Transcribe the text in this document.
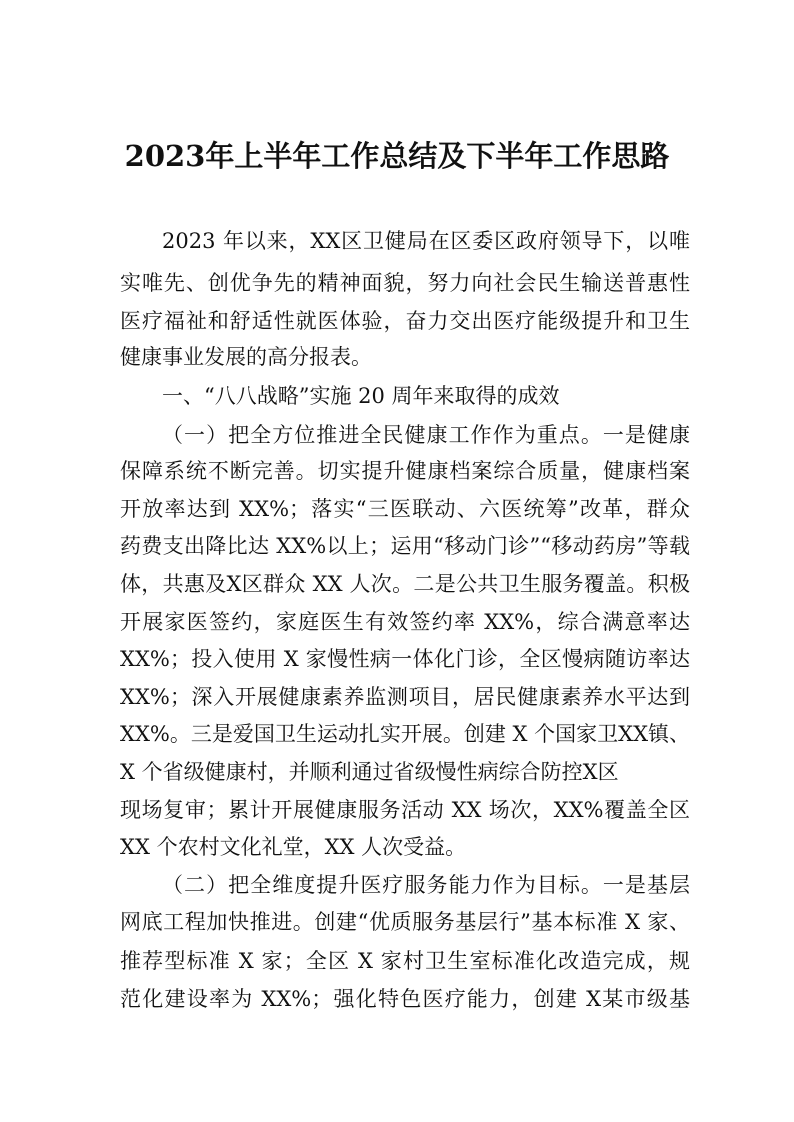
2023年上半年工作总结及下半年工作思路
2023 年以来，XX区卫健局在区委区政府领导下，以唯
实唯先、创优争先的精神面貌，努力向社会民生输送普惠性
医疗福祉和舒适性就医体验，奋力交出医疗能级提升和卫生
健康事业发展的高分报表。
一、“八八战略”实施 20 周年来取得的成效
（一）把全方位推进全民健康工作作为重点。一是健康
保障系统不断完善。切实提升健康档案综合质量，健康档案
开放率达到 XX%；落实“三医联动、六医统筹”改革，群众
药费支出降比达 XX%以上；运用“移动门诊”“移动药房”等载
体，共惠及X区群众 XX 人次。二是公共卫生服务覆盖。积极
开展家医签约，家庭医生有效签约率 XX%，综合满意率达
XX%；投入使用 X 家慢性病一体化门诊，全区慢病随访率达
XX%；深入开展健康素养监测项目，居民健康素养水平达到
XX%。三是爱国卫生运动扎实开展。创建 X 个国家卫XX镇、
X 个省级健康村，并顺利通过省级慢性病综合防控X区
现场复审；累计开展健康服务活动 XX 场次，XX%覆盖全区
XX 个农村文化礼堂，XX 人次受益。
（二）把全维度提升医疗服务能力作为目标。一是基层
网底工程加快推进。创建“优质服务基层行”基本标准 X 家、
推荐型标准 X 家；全区 X 家村卫生室标准化改造完成，规
范化建设率为 XX%；强化特色医疗能力，创建 X某市级基
